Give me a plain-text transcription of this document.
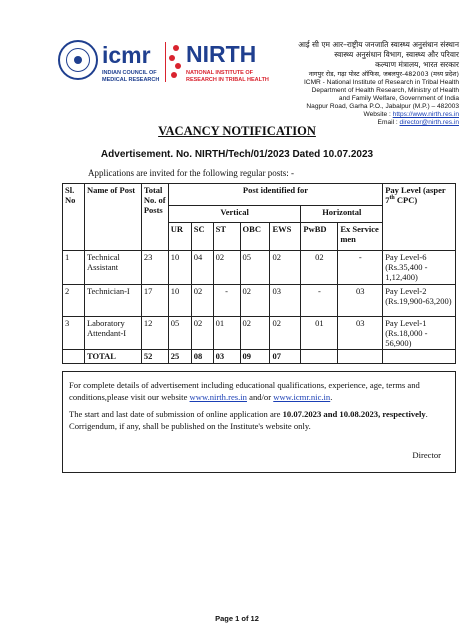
icmr
INDIAN COUNCIL OF
MEDICAL RESEARCH
NIRTH
NATIONAL INSTITUTE OF
RESEARCH IN TRIBAL HEALTH
आई सी एम आर–राष्ट्रीय जनजाति स्वास्थ्य अनुसंधान संस्थान
स्वास्थ्य अनुसंधान विभाग, स्वास्थ्य और परिवार
कल्याण मंत्रालय, भारत सरकार
नागपुर रोड, गढ़ा पोस्ट ऑफिस, जबलपुर-482003 (मध्य प्रदेश)
ICMR - National Institute of Research in Tribal Health
Department of Health Research, Ministry of Health
and Family Welfare, Government of India
Nagpur Road, Garha P.O., Jabalpur (M.P.) – 482003
Website : https://www.nirth.res.in
Email : director@nirth.res.in
VACANCY NOTIFICATION
Advertisement. No. NIRTH/Tech/01/2023 Dated 10.07.2023
Applications are invited for the following regular posts: -
Sl. No	Name of Post	Total No. of Posts	Post identified for							Pay Level (asper 7th CPC)
			Vertical					Horizontal		
			UR	SC	ST	OBC	EWS	PwBD	Ex Service men	
1	Technical Assistant	23	10	04	02	05	02	02	-	Pay Level-6
(Rs.35,400 - 1,12,400)

2	Technician-I	17	10	02	-	02	03	-	03	Pay Level-2
(Rs.19,900-63,200)

3	Laboratory Attendant-I	12	05	02	01	02	02	01	03	Pay Level-1
(Rs.18,000 - 56,900)

	TOTAL	52	25	08	03	09	07			

For complete details of advertisement including educational qualifications, experience, age, terms and conditions,please visit our website www.nirth.res.in and/or www.icmr.nic.in.

The start and last date of submission of online application are 10.07.2023 and 10.08.2023, respectively. Corrigendum, if any, shall be published on the Institute's website only.

Director
Page 1 of 12
